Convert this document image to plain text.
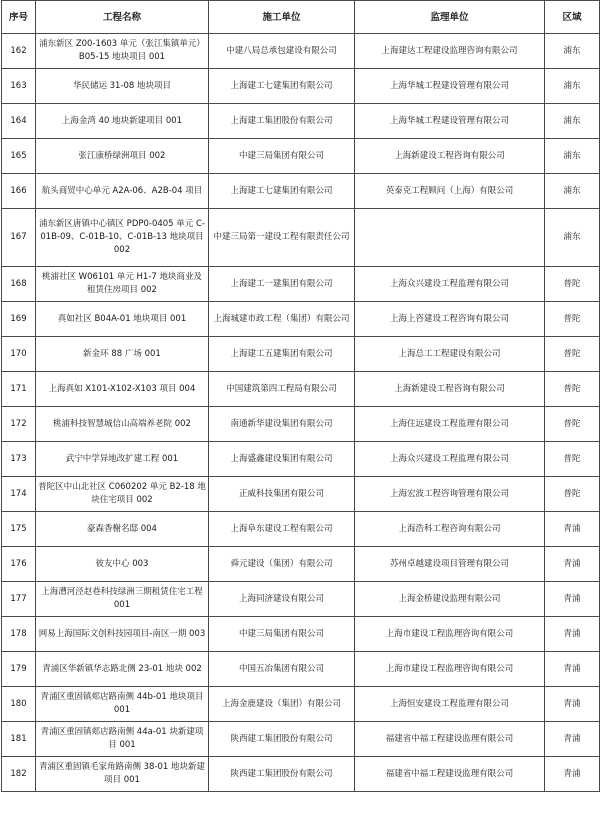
序号	工程名称	施工单位	监理单位	区域
162	浦东新区 Z00-1603 单元（张江集镇单元）B05-15 地块项目 001	中建八局总承包建设有限公司	上海建达工程建设监理咨询有限公司	浦东
163	华民储运 31-08 地块项目	上海建工七建集团有限公司	上海华城工程建设管理有限公司	浦东
164	上海金湾 40 地块新建项目 001	上海建工集团股份有限公司	上海华城工程建设管理有限公司	浦东
165	张江康桥绿洲项目 002	中建三局集团有限公司	上海新建设工程咨询有限公司	浦东
166	航头商贸中心单元 A2A-06、A2B-04 项目	上海建工七建集团有限公司	英泰克工程顾问（上海）有限公司	浦东
167	浦东新区唐镇中心镇区 PDP0-0405 单元 C-01B-09、C-01B-10、C-01B-13 地块项目 002	中建三局第一建设工程有限责任公司		浦东
168	桃浦社区 W06101 单元 H1-7 地块商业及租赁住房项目 002	上海建工一建集团有限公司	上海众兴建设工程监理有限公司	普陀
169	真如社区 B04A-01 地块项目 001	上海城建市政工程（集团）有限公司	上海上咨建设工程咨询有限公司	普陀
170	新金环 88 广场 001	上海建工五建集团有限公司	上海总工工程建设有限公司	普陀
171	上海真如 X101-X102-X103 项目 004	中国建筑第四工程局有限公司	上海新建设工程咨询有限公司	普陀
172	桃浦科技智慧城信山高端养老院 002	南通新华建设集团有限公司	上海住远建设工程监理有限公司	普陀
173	武宁中学异地改扩建工程 001	上海盛鑫建设集团有限公司	上海众兴建设工程监理有限公司	普陀
174	普陀区中山北社区 C060202 单元 B2-18 地块住宅项目 002	正威科技集团有限公司	上海宏波工程咨询管理有限公司	普陀
175	豪森香榭名邸 004	上海阜东建设工程有限公司	上海浩科工程咨询有限公司	青浦
176	彼友中心 003	舜元建设（集团）有限公司	苏州卓越建设项目管理有限公司	青浦
177	上海漕河泾赵巷科技绿洲三期租赁住宅工程 001	上海同济建设有限公司	上海金桥建设监理有限公司	青浦
178	网易上海国际文创科技园项目-南区一期 003	中建三局集团有限公司	上海市建设工程监理咨询有限公司	青浦
179	青浦区华新镇华志路北侧 23-01 地块 002	中国五冶集团有限公司	上海市建设工程监理咨询有限公司	青浦
180	青浦区重固镇郏店路南侧 44b-01 地块项目 001	上海金鹿建设（集团）有限公司	上海恒安建设工程监理有限公司	青浦
181	青浦区重固镇郏店路南侧 44a-01 块新建项目 001	陕西建工集团股份有限公司	福建省中福工程建设监理有限公司	青浦
182	青浦区重固镇毛家角路南侧 38-01 地块新建项目 001	陕西建工集团股份有限公司	福建省中福工程建设监理有限公司	青浦
